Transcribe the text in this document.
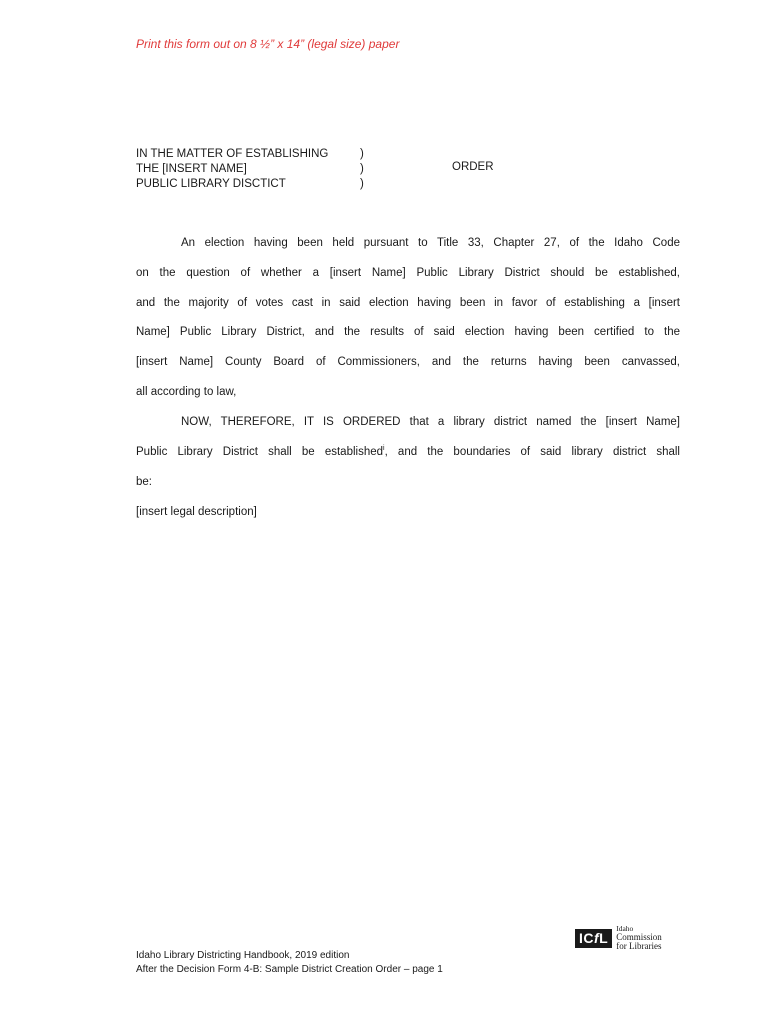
Print this form out on 8 ½” x 14” (legal size) paper
IN THE MATTER OF ESTABLISHING
THE [INSERT NAME]
PUBLIC LIBRARY DISCTICT
)
)
)
ORDER
An election having been held pursuant to Title 33, Chapter 27, of the Idaho Code
on the question of whether a [insert Name] Public Library District should be established,
and the majority of votes cast in said election having been in favor of establishing a [insert
Name] Public Library District, and the results of said election having been certified to the
[insert Name] County Board of Commissioners, and the returns having been canvassed,
all according to law,
NOW, THEREFORE, IT IS ORDERED that a library district named the [insert Name]
Public Library District shall be established$^i$, and the boundaries of said library district shall
be:
[insert legal description]
ICfL
Idaho
Commission
for Libraries
Idaho Library Districting Handbook, 2019 edition
After the Decision Form 4-B: Sample District Creation Order – page 1
